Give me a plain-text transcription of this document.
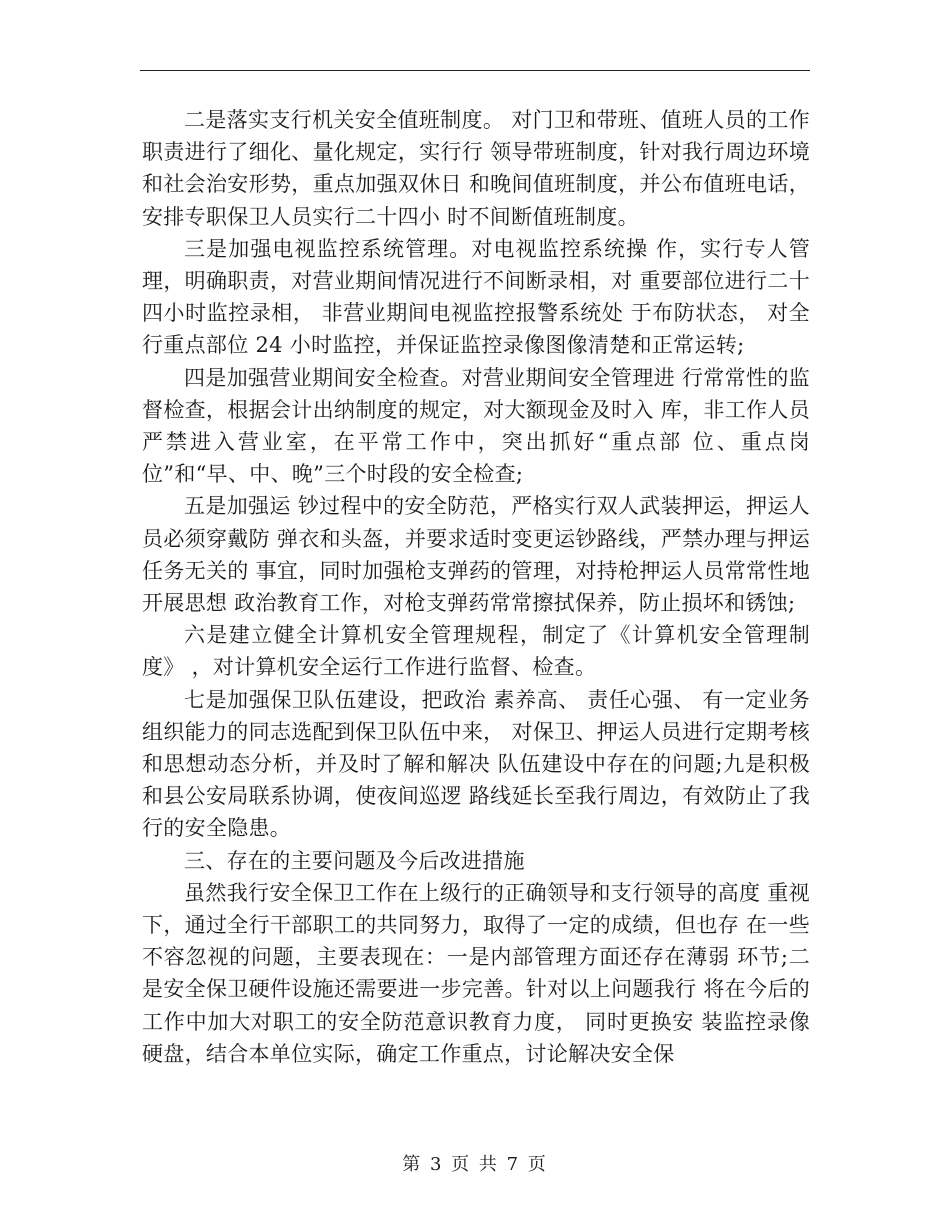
二是落实支行机关安全值班制度。 对门卫和带班、值班人员的工作职责进行了细化、量化规定，实行行 领导带班制度，针对我行周边环境和社会治安形势，重点加强双休日 和晚间值班制度，并公布值班电话，安排专职保卫人员实行二十四小 时不间断值班制度。

三是加强电视监控系统管理。对电视监控系统操 作，实行专人管理，明确职责，对营业期间情况进行不间断录相，对 重要部位进行二十四小时监控录相， 非营业期间电视监控报警系统处 于布防状态， 对全行重点部位 24 小时监控，并保证监控录像图像清楚和正常运转;

四是加强营业期间安全检查。对营业期间安全管理进 行常常性的监督检查，根据会计出纳制度的规定，对大额现金及时入 库，非工作人员严禁进入营业室，在平常工作中，突出抓好“重点部 位、重点岗位”和“早、中、晚”三个时段的安全检查;

五是加强运 钞过程中的安全防范，严格实行双人武装押运，押运人员必须穿戴防 弹衣和头盔，并要求适时变更运钞路线，严禁办理与押运任务无关的 事宜，同时加强枪支弹药的管理，对持枪押运人员常常性地开展思想 政治教育工作，对枪支弹药常常擦拭保养，防止损坏和锈蚀;

六是建立健全计算机安全管理规程，制定了《计算机安全管理制度》 ，对计算机安全运行工作进行监督、检查。

七是加强保卫队伍建设，把政治 素养高、 责任心强、 有一定业务组织能力的同志选配到保卫队伍中来， 对保卫、押运人员进行定期考核和思想动态分析，并及时了解和解决 队伍建设中存在的问题;九是积极和县公安局联系协调，使夜间巡逻 路线延长至我行周边，有效防止了我行的安全隐患。

三、存在的主要问题及今后改进措施

虽然我行安全保卫工作在上级行的正确领导和支行领导的高度 重视下，通过全行干部职工的共同努力，取得了一定的成绩，但也存 在一些不容忽视的问题，主要表现在：一是内部管理方面还存在薄弱 环节;二是安全保卫硬件设施还需要进一步完善。针对以上问题我行 将在今后的工作中加大对职工的安全防范意识教育力度， 同时更换安 装监控录像硬盘，结合本单位实际，确定工作重点，讨论解决安全保

第 3 页 共 7 页
